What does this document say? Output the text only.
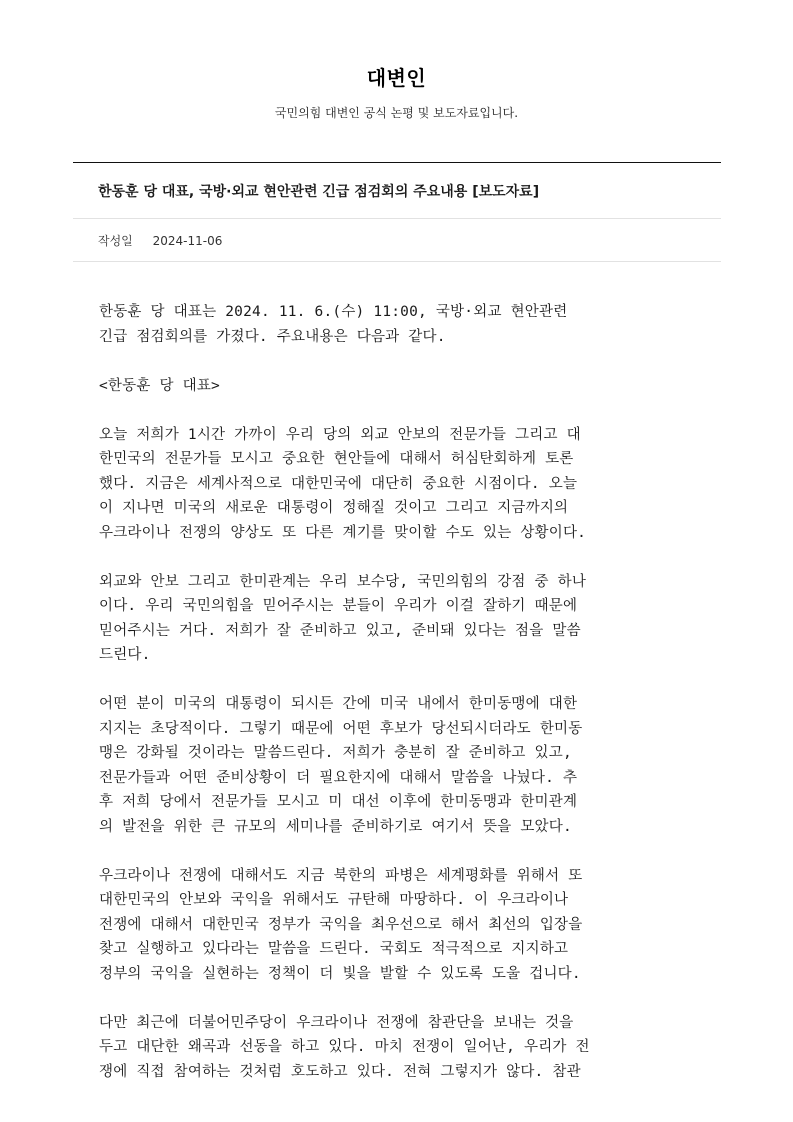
대변인
국민의힘 대변인 공식 논평 및 보도자료입니다.
한동훈 당 대표, 국방·외교 현안관련 긴급 점검회의 주요내용 [보도자료]
작성일 2024-11-06
한동훈 당 대표는 2024. 11. 6.(수) 11:00, 국방·외교 현안관련
긴급 점검회의를 가졌다. 주요내용은 다음과 같다.
<한동훈 당 대표>
오늘 저희가 1시간 가까이 우리 당의 외교 안보의 전문가들 그리고 대
한민국의 전문가들 모시고 중요한 현안들에 대해서 허심탄회하게 토론
했다. 지금은 세계사적으로 대한민국에 대단히 중요한 시점이다. 오늘
이 지나면 미국의 새로운 대통령이 정해질 것이고 그리고 지금까지의
우크라이나 전쟁의 양상도 또 다른 계기를 맞이할 수도 있는 상황이다.
외교와 안보 그리고 한미관계는 우리 보수당, 국민의힘의 강점 중 하나
이다. 우리 국민의힘을 믿어주시는 분들이 우리가 이걸 잘하기 때문에
믿어주시는 거다. 저희가 잘 준비하고 있고, 준비돼 있다는 점을 말씀
드린다.
어떤 분이 미국의 대통령이 되시든 간에 미국 내에서 한미동맹에 대한
지지는 초당적이다. 그렇기 때문에 어떤 후보가 당선되시더라도 한미동
맹은 강화될 것이라는 말씀드린다. 저희가 충분히 잘 준비하고 있고,
전문가들과 어떤 준비상황이 더 필요한지에 대해서 말씀을 나눴다. 추
후 저희 당에서 전문가들 모시고 미 대선 이후에 한미동맹과 한미관계
의 발전을 위한 큰 규모의 세미나를 준비하기로 여기서 뜻을 모았다.
우크라이나 전쟁에 대해서도 지금 북한의 파병은 세계평화를 위해서 또
대한민국의 안보와 국익을 위해서도 규탄해 마땅하다. 이 우크라이나
전쟁에 대해서 대한민국 정부가 국익을 최우선으로 해서 최선의 입장을
찾고 실행하고 있다라는 말씀을 드린다. 국회도 적극적으로 지지하고
정부의 국익을 실현하는 정책이 더 빛을 발할 수 있도록 도울 겁니다.
다만 최근에 더불어민주당이 우크라이나 전쟁에 참관단을 보내는 것을
두고 대단한 왜곡과 선동을 하고 있다. 마치 전쟁이 일어난, 우리가 전
쟁에 직접 참여하는 것처럼 호도하고 있다. 전혀 그렇지가 않다. 참관
